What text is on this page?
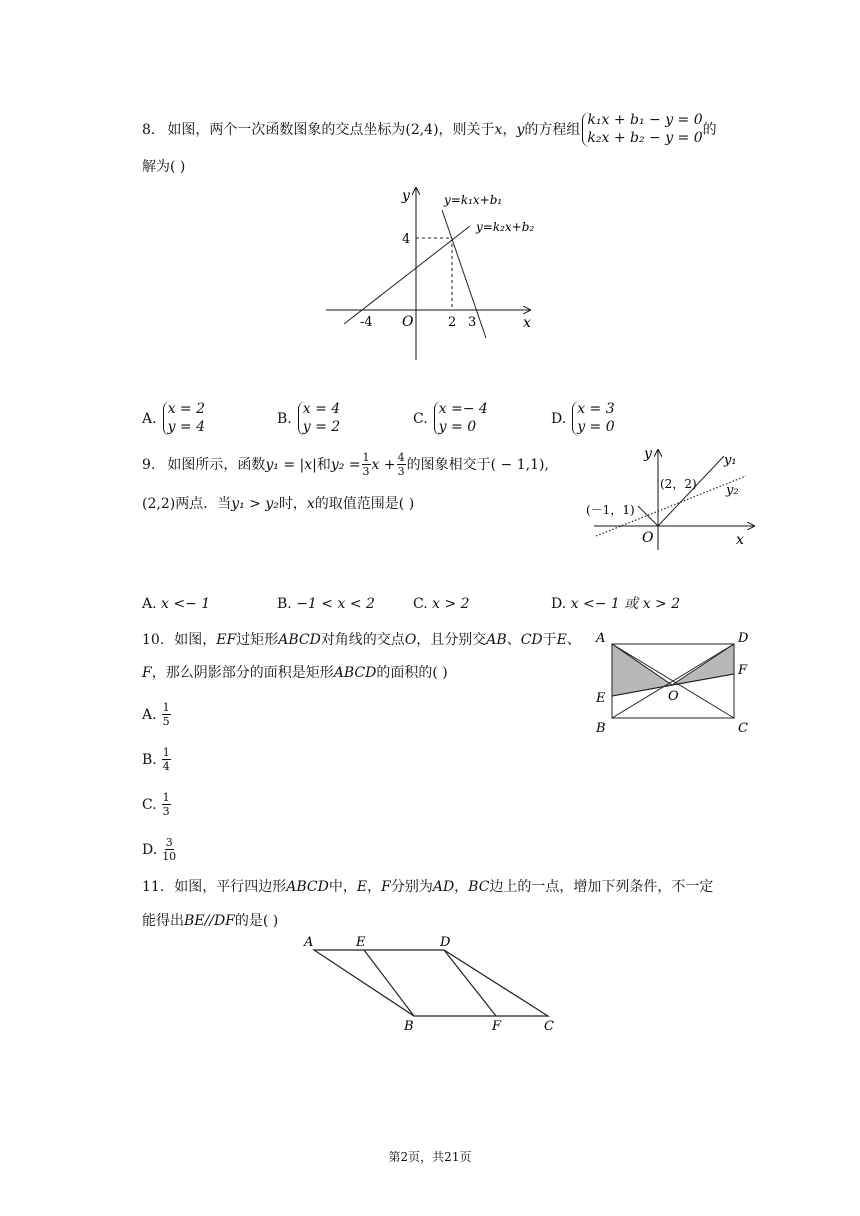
8. 如图，两个一次函数图象的交点坐标为(2,4)，则关于 x ， y 的方程组
k₁x + b₁ − y = 0
k₂x + b₂ − y = 0 的
解为( )
y
x
O
y=k₁x+b₁
y=k₂x+b₂
4
-4	2 3
A.
x = 2
y = 4	B.
x = 4
y = 2	C.
x =− 4
y = 0	D.
x = 3
y = 0
9. 如图所示，函数 y₁ = |x| 和 $y_2 = \frac{1}{3}$ $x + \frac{4}{3}$ 的图象相交于( − 1,1),
(2,2)两点．当y₁ > y₂时，x的取值范围是( )
y
x
O
y₁
y₂
(2，2)
(－1，1)
A. x <− 1	B. −1 < x < 2	C. x > 2	D. x <− 1 或 x > 2
10. 如图，EF过矩形ABCD对角线的交点O，且分别交AB、CD于E、
F，那么阴影部分的面积是矩形ABCD的面积的( )
A	D
F
E	O
B	C
A. $\frac{1}{5}$
B. $\frac{1}{4}$
C. $\frac{1}{3}$
D. $\frac{3}{10}$
11. 如图，平行四边形ABCD中，E，F分别为AD，BC边上的一点，增加下列条件，不一定
能得出BE//DF的是( )
A	E	D
B	F	C
第2页，共21页
